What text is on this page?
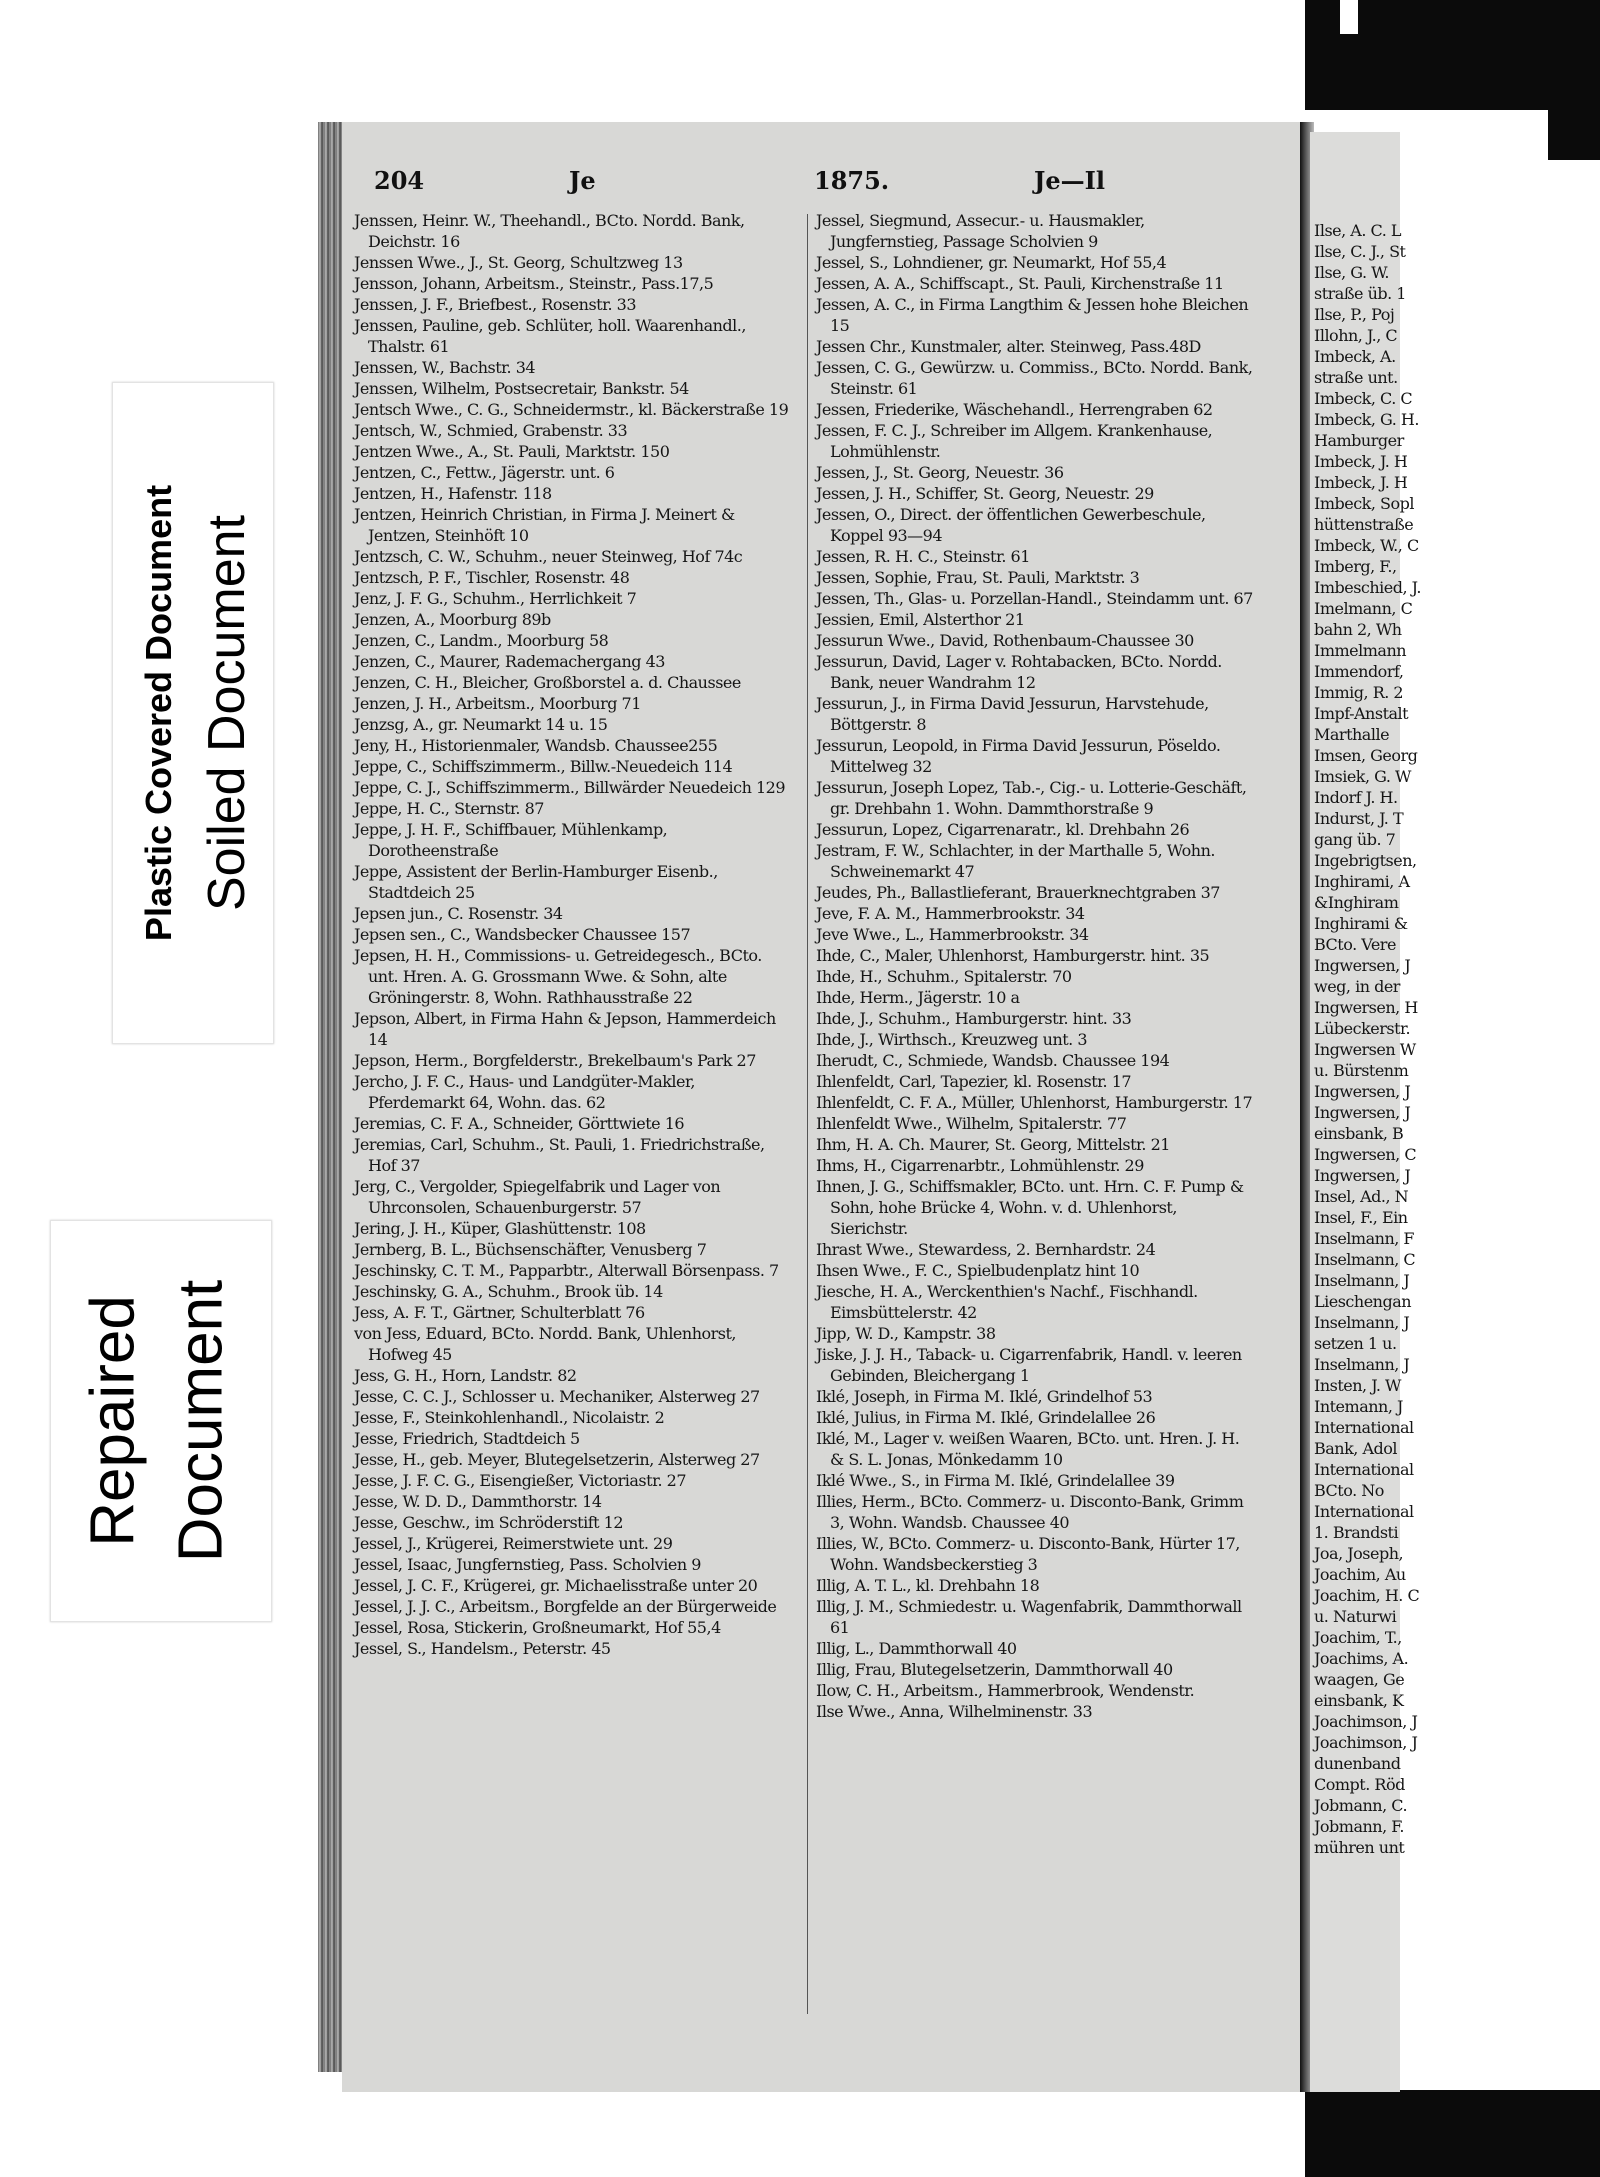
204	Je	1875.	Je—Il
Jenssen, Heinr. W., Theehandl., BCto. Nordd. Bank, Deichstr. 16
Jenssen Wwe., J., St. Georg, Schultzweg 13
Jensson, Johann, Arbeitsm., Steinstr., Pass.17,5
Jenssen, J. F., Briefbest., Rosenstr. 33
Jenssen, Pauline, geb. Schlüter, holl. Waarenhandl., Thalstr. 61
Jenssen, W., Bachstr. 34
Jenssen, Wilhelm, Postsecretair, Bankstr. 54
Jentsch Wwe., C. G., Schneidermstr., kl. Bäckerstraße 19
Jentsch, W., Schmied, Grabenstr. 33
Jentzen Wwe., A., St. Pauli, Marktstr. 150
Jentzen, C., Fettw., Jägerstr. unt. 6
Jentzen, H., Hafenstr. 118
Jentzen, Heinrich Christian, in Firma J. Meinert & Jentzen, Steinhöft 10
Jentzsch, C. W., Schuhm., neuer Steinweg, Hof 74c
Jentzsch, P. F., Tischler, Rosenstr. 48
Jenz, J. F. G., Schuhm., Herrlichkeit 7
Jenzen, A., Moorburg 89b
Jenzen, C., Landm., Moorburg 58
Jenzen, C., Maurer, Rademachergang 43
Jenzen, C. H., Bleicher, Großborstel a. d. Chaussee
Jenzen, J. H., Arbeitsm., Moorburg 71
Jenzsg, A., gr. Neumarkt 14 u. 15
Jeny, H., Historienmaler, Wandsb. Chaussee255
Jeppe, C., Schiffszimmerm., Billw.-Neuedeich 114
Jeppe, C. J., Schiffszimmerm., Billwärder Neuedeich 129
Jeppe, H. C., Sternstr. 87
Jeppe, J. H. F., Schiffbauer, Mühlenkamp, Dorotheenstraße
Jeppe, Assistent der Berlin-Hamburger Eisenb., Stadtdeich 25
Jepsen jun., C. Rosenstr. 34
Jepsen sen., C., Wandsbecker Chaussee 157
Jepsen, H. H., Commissions- u. Getreidegesch., BCto. unt. Hren. A. G. Grossmann Wwe. & Sohn, alte Gröningerstr. 8, Wohn. Rathhausstraße 22
Jepson, Albert, in Firma Hahn & Jepson, Hammerdeich 14
Jepson, Herm., Borgfelderstr., Brekelbaum's Park 27
Jercho, J. F. C., Haus- und Landgüter-Makler, Pferdemarkt 64, Wohn. das. 62
Jeremias, C. F. A., Schneider, Görttwiete 16
Jeremias, Carl, Schuhm., St. Pauli, 1. Friedrichstraße, Hof 37
Jerg, C., Vergolder, Spiegelfabrik und Lager von Uhrconsolen, Schauenburgerstr. 57
Jering, J. H., Küper, Glashüttenstr. 108
Jernberg, B. L., Büchsenschäfter, Venusberg 7
Jeschinsky, C. T. M., Papparbtr., Alterwall Börsenpass. 7
Jeschinsky, G. A., Schuhm., Brook üb. 14
Jess, A. F. T., Gärtner, Schulterblatt 76
von Jess, Eduard, BCto. Nordd. Bank, Uhlenhorst, Hofweg 45
Jess, G. H., Horn, Landstr. 82
Jesse, C. C. J., Schlosser u. Mechaniker, Alsterweg 27
Jesse, F., Steinkohlenhandl., Nicolaistr. 2
Jesse, Friedrich, Stadtdeich 5
Jesse, H., geb. Meyer, Blutegelsetzerin, Alsterweg 27
Jesse, J. F. C. G., Eisengießer, Victoriastr. 27
Jesse, W. D. D., Dammthorstr. 14
Jesse, Geschw., im Schröderstift 12
Jessel, J., Krügerei, Reimerstwiete unt. 29
Jessel, Isaac, Jungfernstieg, Pass. Scholvien 9
Jessel, J. C. F., Krügerei, gr. Michaelisstraße unter 20
Jessel, J. J. C., Arbeitsm., Borgfelde an der Bürgerweide
Jessel, Rosa, Stickerin, Großneumarkt, Hof 55,4
Jessel, S., Handelsm., Peterstr. 45
Jessel, Siegmund, Assecur.- u. Hausmakler, Jungfernstieg, Passage Scholvien 9
Jessel, S., Lohndiener, gr. Neumarkt, Hof 55,4
Jessen, A. A., Schiffscapt., St. Pauli, Kirchenstraße 11
Jessen, A. C., in Firma Langthim & Jessen hohe Bleichen 15
Jessen Chr., Kunstmaler, alter. Steinweg, Pass.48D
Jessen, C. G., Gewürzw. u. Commiss., BCto. Nordd. Bank, Steinstr. 61
Jessen, Friederike, Wäschehandl., Herrengraben 62
Jessen, F. C. J., Schreiber im Allgem. Krankenhause, Lohmühlenstr.
Jessen, J., St. Georg, Neuestr. 36
Jessen, J. H., Schiffer, St. Georg, Neuestr. 29
Jessen, O., Direct. der öffentlichen Gewerbeschule, Koppel 93—94
Jessen, R. H. C., Steinstr. 61
Jessen, Sophie, Frau, St. Pauli, Marktstr. 3
Jessen, Th., Glas- u. Porzellan-Handl., Steindamm unt. 67
Jessien, Emil, Alsterthor 21
Jessurun Wwe., David, Rothenbaum-Chaussee 30
Jessurun, David, Lager v. Rohtabacken, BCto. Nordd. Bank, neuer Wandrahm 12
Jessurun, J., in Firma David Jessurun, Harvstehude, Böttgerstr. 8
Jessurun, Leopold, in Firma David Jessurun, Pöseldo. Mittelweg 32
Jessurun, Joseph Lopez, Tab.-, Cig.- u. Lotterie-Geschäft, gr. Drehbahn 1. Wohn. Dammthorstraße 9
Jessurun, Lopez, Cigarrenaratr., kl. Drehbahn 26
Jestram, F. W., Schlachter, in der Marthalle 5, Wohn. Schweinemarkt 47
Jeudes, Ph., Ballastlieferant, Brauerknechtgraben 37
Jeve, F. A. M., Hammerbrookstr. 34
Jeve Wwe., L., Hammerbrookstr. 34
Ihde, C., Maler, Uhlenhorst, Hamburgerstr. hint. 35
Ihde, H., Schuhm., Spitalerstr. 70
Ihde, Herm., Jägerstr. 10 a
Ihde, J., Schuhm., Hamburgerstr. hint. 33
Ihde, J., Wirthsch., Kreuzweg unt. 3
Iherudt, C., Schmiede, Wandsb. Chaussee 194
Ihlenfeldt, Carl, Tapezier, kl. Rosenstr. 17
Ihlenfeldt, C. F. A., Müller, Uhlenhorst, Hamburgerstr. 17
Ihlenfeldt Wwe., Wilhelm, Spitalerstr. 77
Ihm, H. A. Ch. Maurer, St. Georg, Mittelstr. 21
Ihms, H., Cigarrenarbtr., Lohmühlenstr. 29
Ihnen, J. G., Schiffsmakler, BCto. unt. Hrn. C. F. Pump & Sohn, hohe Brücke 4, Wohn. v. d. Uhlenhorst, Sierichstr.
Ihrast Wwe., Stewardess, 2. Bernhardstr. 24
Ihsen Wwe., F. C., Spielbudenplatz hint 10
Jiesche, H. A., Werckenthien's Nachf., Fischhandl. Eimsbüttelerstr. 42
Jipp, W. D., Kampstr. 38
Jiske, J. J. H., Taback- u. Cigarrenfabrik, Handl. v. leeren Gebinden, Bleichergang 1
Iklé, Joseph, in Firma M. Iklé, Grindelhof 53
Iklé, Julius, in Firma M. Iklé, Grindelallee 26
Iklé, M., Lager v. weißen Waaren, BCto. unt. Hren. J. H. & S. L. Jonas, Mönkedamm 10
Iklé Wwe., S., in Firma M. Iklé, Grindelallee 39
Illies, Herm., BCto. Commerz- u. Disconto-Bank, Grimm 3, Wohn. Wandsb. Chaussee 40
Illies, W., BCto. Commerz- u. Disconto-Bank, Hürter 17, Wohn. Wandsbeckerstieg 3
Illig, A. T. L., kl. Drehbahn 18
Illig, J. M., Schmiedestr. u. Wagenfabrik, Dammthorwall 61
Illig, L., Dammthorwall 40
Illig, Frau, Blutegelsetzerin, Dammthorwall 40
Ilow, C. H., Arbeitsm., Hammerbrook, Wendenstr.
Ilse Wwe., Anna, Wilhelminenstr. 33
Ilse, A. C. L
Ilse, C. J., St
Ilse, G. W.
straße üb. 1
Ilse, P., Poj
Illohn, J., C
Imbeck, A.
straße unt.
Imbeck, C. C
Imbeck, G. H.
Hamburger
Imbeck, J. H
Imbeck, J. H
Imbeck, Sopl
hüttenstraße
Imbeck, W., C
Imberg, F.,
Imbeschied, J.
Imelmann, C
bahn 2, Wh
Immelmann
Immendorf,
Immig, R. 2
Impf-Anstalt
Marthalle
Imsen, Georg
Imsiek, G. W
Indorf J. H.
Indurst, J. T
gang üb. 7
Ingebrigtsen,
Inghirami, A
&Inghiram
Inghirami &
BCto. Vere
Ingwersen, J
weg, in der
Ingwersen, H
Lübeckerstr.
Ingwersen W
u. Bürstenm
Ingwersen, J
Ingwersen, J
einsbank, B
Ingwersen, C
Ingwersen, J
Insel, Ad., N
Insel, F., Ein
Inselmann, F
Inselmann, C
Inselmann, J
Lieschengan
Inselmann, J
setzen 1 u.
Inselmann, J
Insten, J. W
Intemann, J
International
Bank, Adol
International
BCto. No
International
1. Brandsti
Joa, Joseph,
Joachim, Au
Joachim, H. C
u. Naturwi
Joachim, T.,
Joachims, A.
waagen, Ge
einsbank, K
Joachimson, J
Joachimson, J
dunenband
Compt. Röd
Jobmann, C.
Jobmann, F.
mühren unt
Plastic Covered Document Soiled Document
Repaired Document
